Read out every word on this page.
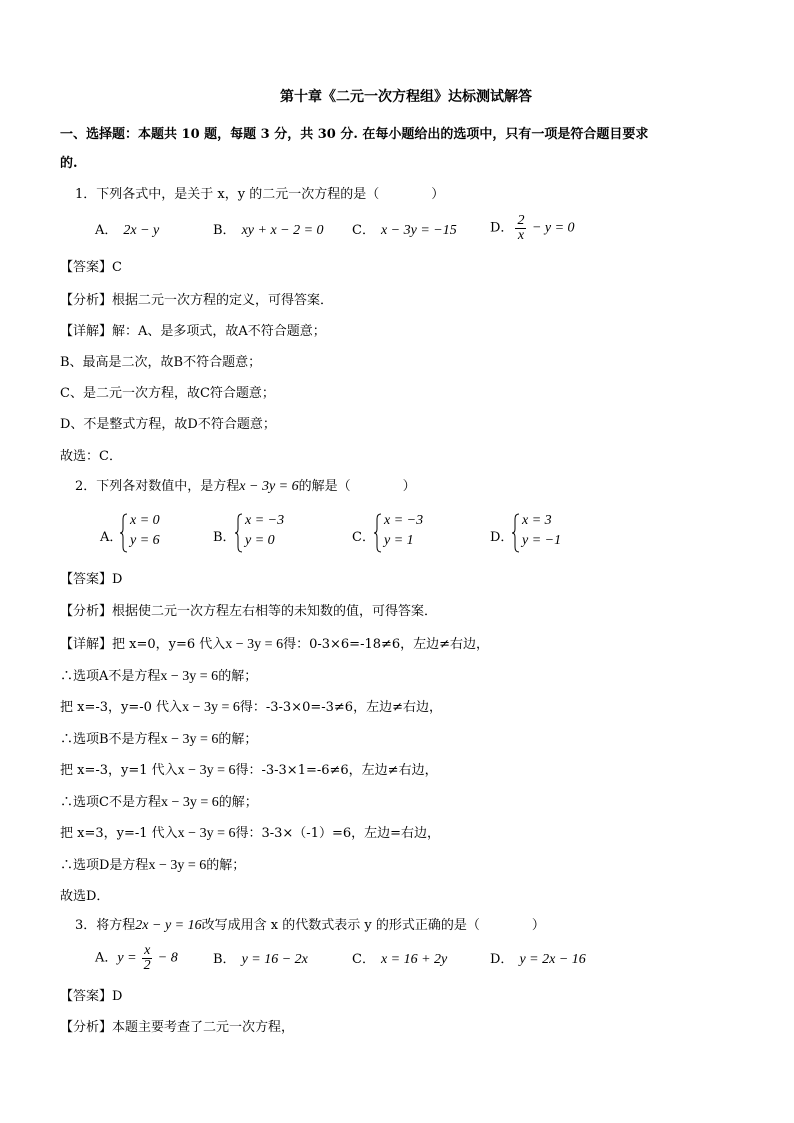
第十章《二元一次方程组》达标测试解答
一、选择题：本题共 10 题，每题 3 分，共 30 分. 在每小题给出的选项中，只有一项是符合题目要求
的.
1．下列各式中，是关于 x，y 的二元一次方程的是（　　　　）
A． 2x − y	B． xy + x − 2 = 0 C． x − 3y = −15	D． $\frac{2}{x} - y = 0$
【答案】C
【分析】根据二元一次方程的定义，可得答案．
【详解】解：A、是多项式，故A不符合题意；
B、最高是二次，故B不符合题意；
C、是二元一次方程，故C符合题意；
D、不是整式方程，故D不符合题意；
故选：C．
2．下列各对数值中，是方程x − 3y = 6的解是（　　　　）
A．
x = 0
y = 6	B．
x = −3
y = 0	C．
x = −3
y = 1	D．
x = 3
y = −1
【答案】D
【分析】根据使二元一次方程左右相等的未知数的值，可得答案．
【详解】把 x=0，y=6 代入x − 3y = 6得：0-3×6=-18≠6，左边≠右边，
∴选项A不是方程x − 3y = 6的解；
把 x=-3，y=-0 代入x − 3y = 6得：-3-3×0=-3≠6，左边≠右边，
∴选项B不是方程x − 3y = 6的解；
把 x=-3，y=1 代入x − 3y = 6得：-3-3×1=-6≠6，左边≠右边，
∴选项C不是方程x − 3y = 6的解；
把 x=3，y=-1 代入x − 3y = 6得：3-3×（-1）=6，左边=右边，
∴选项D是方程x − 3y = 6的解；
故选D．
3．将方程2x − y = 16改写成用含 x 的代数式表示 y 的形式正确的是（　　　　）
A．$y = \frac{x}{2} - 8$	B． y = 16 − 2x	C． x = 16 + 2y	D． y = 2x − 16
【答案】D
【分析】本题主要考查了二元一次方程，
